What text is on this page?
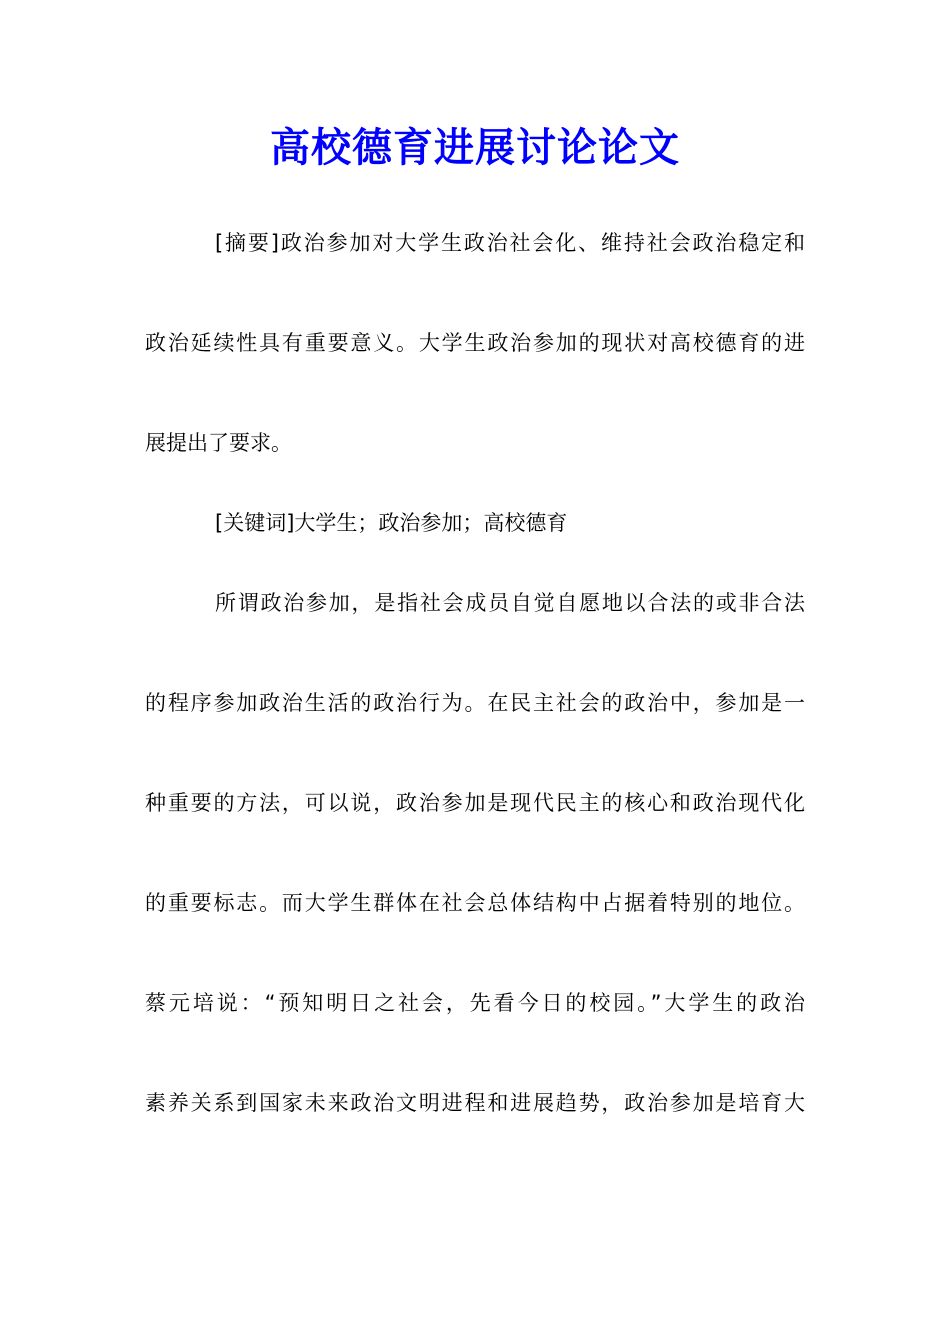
高校德育进展讨论论文
[摘要]政治参加对大学生政治社会化、维持社会政治稳定和
政治延续性具有重要意义。大学生政治参加的现状对高校德育的进
展提出了要求。
[关键词]大学生；政治参加；高校德育
所谓政治参加，是指社会成员自觉自愿地以合法的或非合法
的程序参加政治生活的政治行为。在民主社会的政治中，参加是一
种重要的方法，可以说，政治参加是现代民主的核心和政治现代化
的重要标志。而大学生群体在社会总体结构中占据着特别的地位。
蔡元培说：“预知明日之社会，先看今日的校园。”大学生的政治
素养关系到国家未来政治文明进程和进展趋势，政治参加是培育大
